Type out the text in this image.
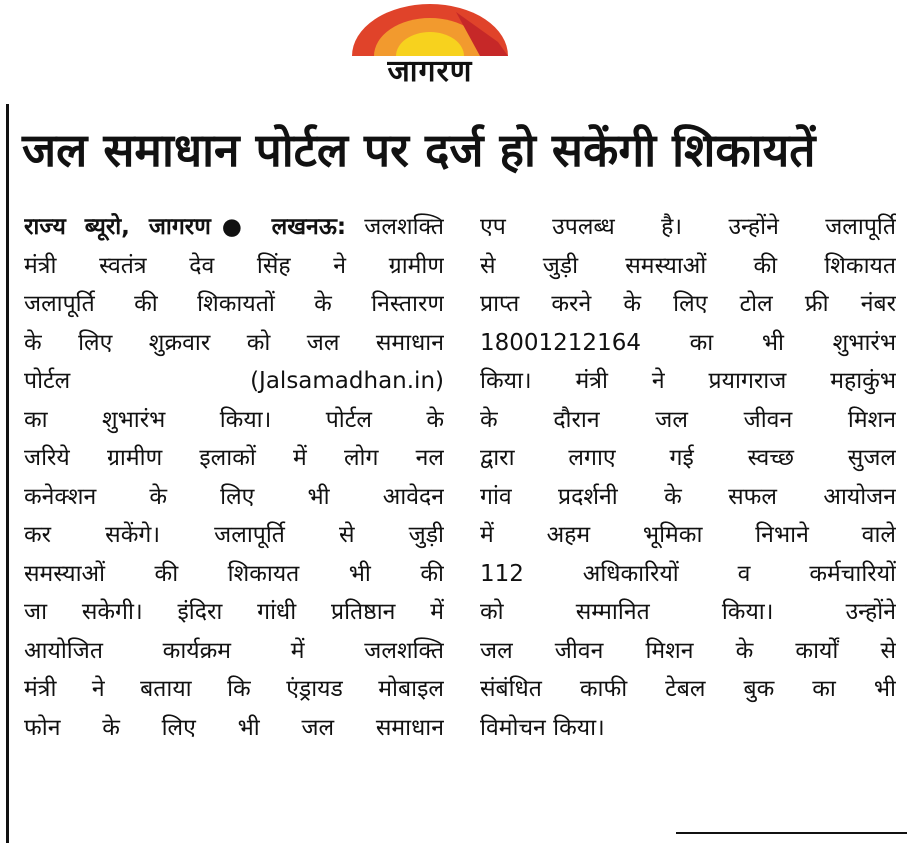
जागरण
जल समाधान पोर्टल पर दर्ज हो सकेंगी शिकायतें
राज्य ब्यूरो, जागरण● लखनऊ: जलशक्ति
मंत्री स्वतंत्र देव सिंह ने ग्रामीण
जलापूर्ति की शिकायतों के निस्तारण
के लिए शुक्रवार को जल समाधान
पोर्टल (Jalsamadhan.in)
का शुभारंभ किया। पोर्टल के
जरिये ग्रामीण इलाकों में लोग नल
कनेक्शन के लिए भी आवेदन
कर सकेंगे। जलापूर्ति से जुड़ी
समस्याओं की शिकायत भी की
जा सकेगी। इंदिरा गांधी प्रतिष्ठान में
आयोजित कार्यक्रम में जलशक्ति
मंत्री ने बताया कि एंड्रायड मोबाइल
फोन के लिए भी जल समाधान
एप उपलब्ध है। उन्होंने जलापूर्ति
से जुड़ी समस्याओं की शिकायत
प्राप्त करने के लिए टोल फ्री नंबर
18001212164 का भी शुभारंभ
किया। मंत्री ने प्रयागराज महाकुंभ
के दौरान जल जीवन मिशन
द्वारा लगाए गई स्वच्छ सुजल
गांव प्रदर्शनी के सफल आयोजन
में अहम भूमिका निभाने वाले
112 अधिकारियों व कर्मचारियों
को सम्मानित किया। उन्होंने
जल जीवन मिशन के कार्यों से
संबंधित काफी टेबल बुक का भी
विमोचन किया।
